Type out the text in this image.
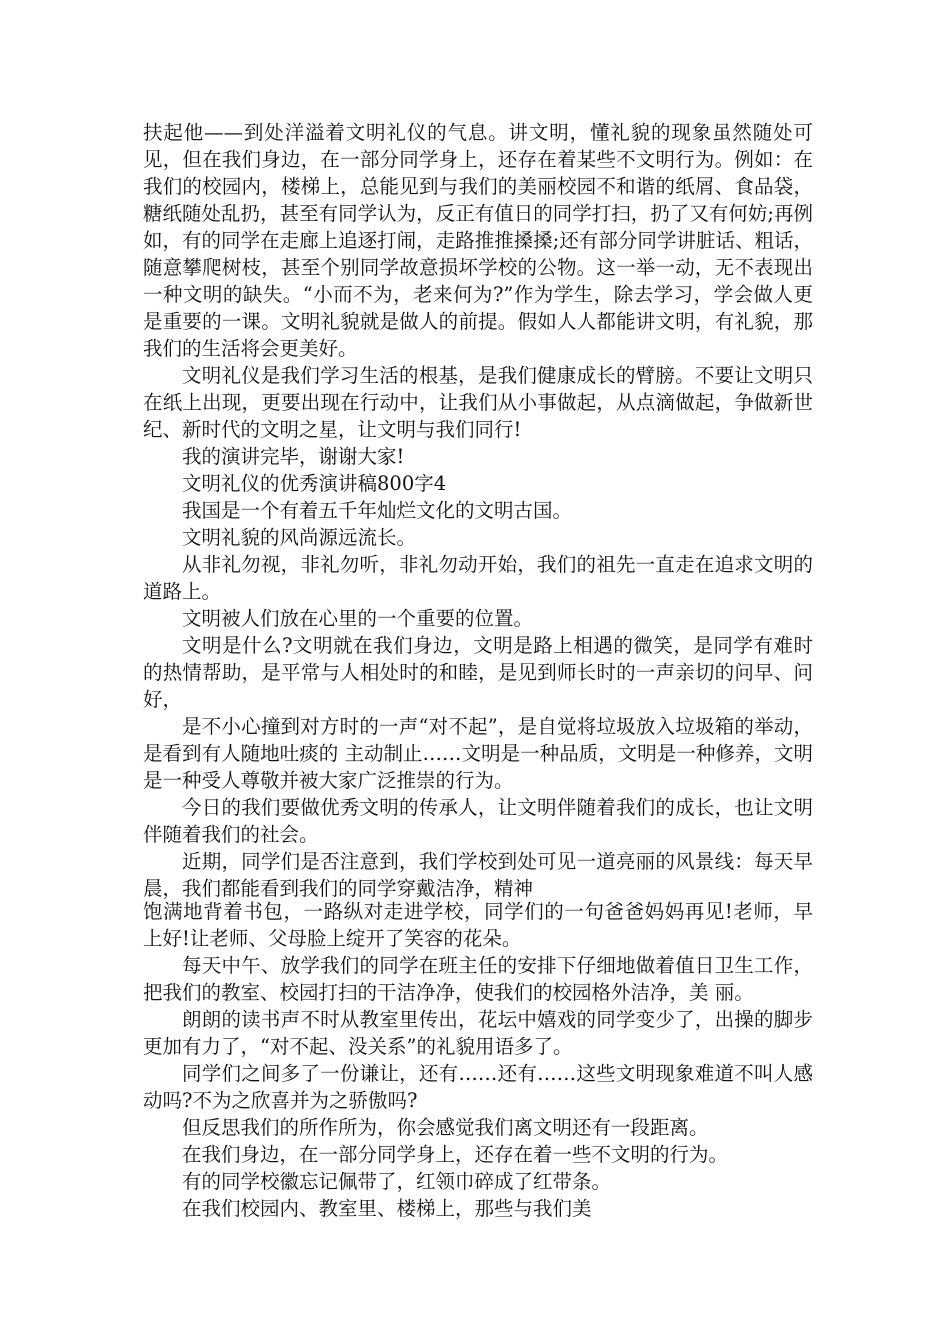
扶起他——到处洋溢着文明礼仪的气息。讲文明，懂礼貌的现象虽然随处可见，但在我们身边，在一部分同学身上，还存在着某些不文明行为。例如：在我们的校园内，楼梯上，总能见到与我们的美丽校园不和谐的纸屑、食品袋，糖纸随处乱扔，甚至有同学认为，反正有值日的同学打扫，扔了又有何妨;再例如，有的同学在走廊上追逐打闹，走路推推搡搡;还有部分同学讲脏话、粗话，随意攀爬树枝，甚至个别同学故意损坏学校的公物。这一举一动，无不表现出一种文明的缺失。“小而不为，老来何为?”作为学生，除去学习，学会做人更是重要的一课。文明礼貌就是做人的前提。假如人人都能讲文明，有礼貌，那我们的生活将会更美好。

文明礼仪是我们学习生活的根基，是我们健康成长的臂膀。不要让文明只在纸上出现，更要出现在行动中，让我们从小事做起，从点滴做起，争做新世纪、新时代的文明之星，让文明与我们同行!

我的演讲完毕，谢谢大家!

文明礼仪的优秀演讲稿800字4

我国是一个有着五千年灿烂文化的文明古国。

文明礼貌的风尚源远流长。

从非礼勿视，非礼勿听，非礼勿动开始，我们的祖先一直走在追求文明的道路上。

文明被人们放在心里的一个重要的位置。

文明是什么?文明就在我们身边，文明是路上相遇的微笑，是同学有难时的热情帮助，是平常与人相处时的和睦，是见到师长时的一声亲切的问早、问好，

是不小心撞到对方时的一声“对不起”，是自觉将垃圾放入垃圾箱的举动，是看到有人随地吐痰的 主动制止……文明是一种品质，文明是一种修养，文明是一种受人尊敬并被大家广泛推崇的行为。

今日的我们要做优秀文明的传承人，让文明伴随着我们的成长，也让文明伴随着我们的社会。

近期，同学们是否注意到，我们学校到处可见一道亮丽的风景线：每天早晨，我们都能看到我们的同学穿戴洁净，精神

饱满地背着书包，一路纵对走进学校，同学们的一句爸爸妈妈再见!老师，早上好!让老师、父母脸上绽开了笑容的花朵。

每天中午、放学我们的同学在班主任的安排下仔细地做着值日卫生工作，把我们的教室、校园打扫的干洁净净，使我们的校园格外洁净，美 丽。

朗朗的读书声不时从教室里传出，花坛中嬉戏的同学变少了，出操的脚步更加有力了，“对不起、没关系”的礼貌用语多了。

同学们之间多了一份谦让，还有……还有……这些文明现象难道不叫人感动吗?不为之欣喜并为之骄傲吗?

但反思我们的所作所为，你会感觉我们离文明还有一段距离。

在我们身边，在一部分同学身上，还存在着一些不文明的行为。

有的同学校徽忘记佩带了，红领巾碎成了红带条。

在我们校园内、教室里、楼梯上，那些与我们美
